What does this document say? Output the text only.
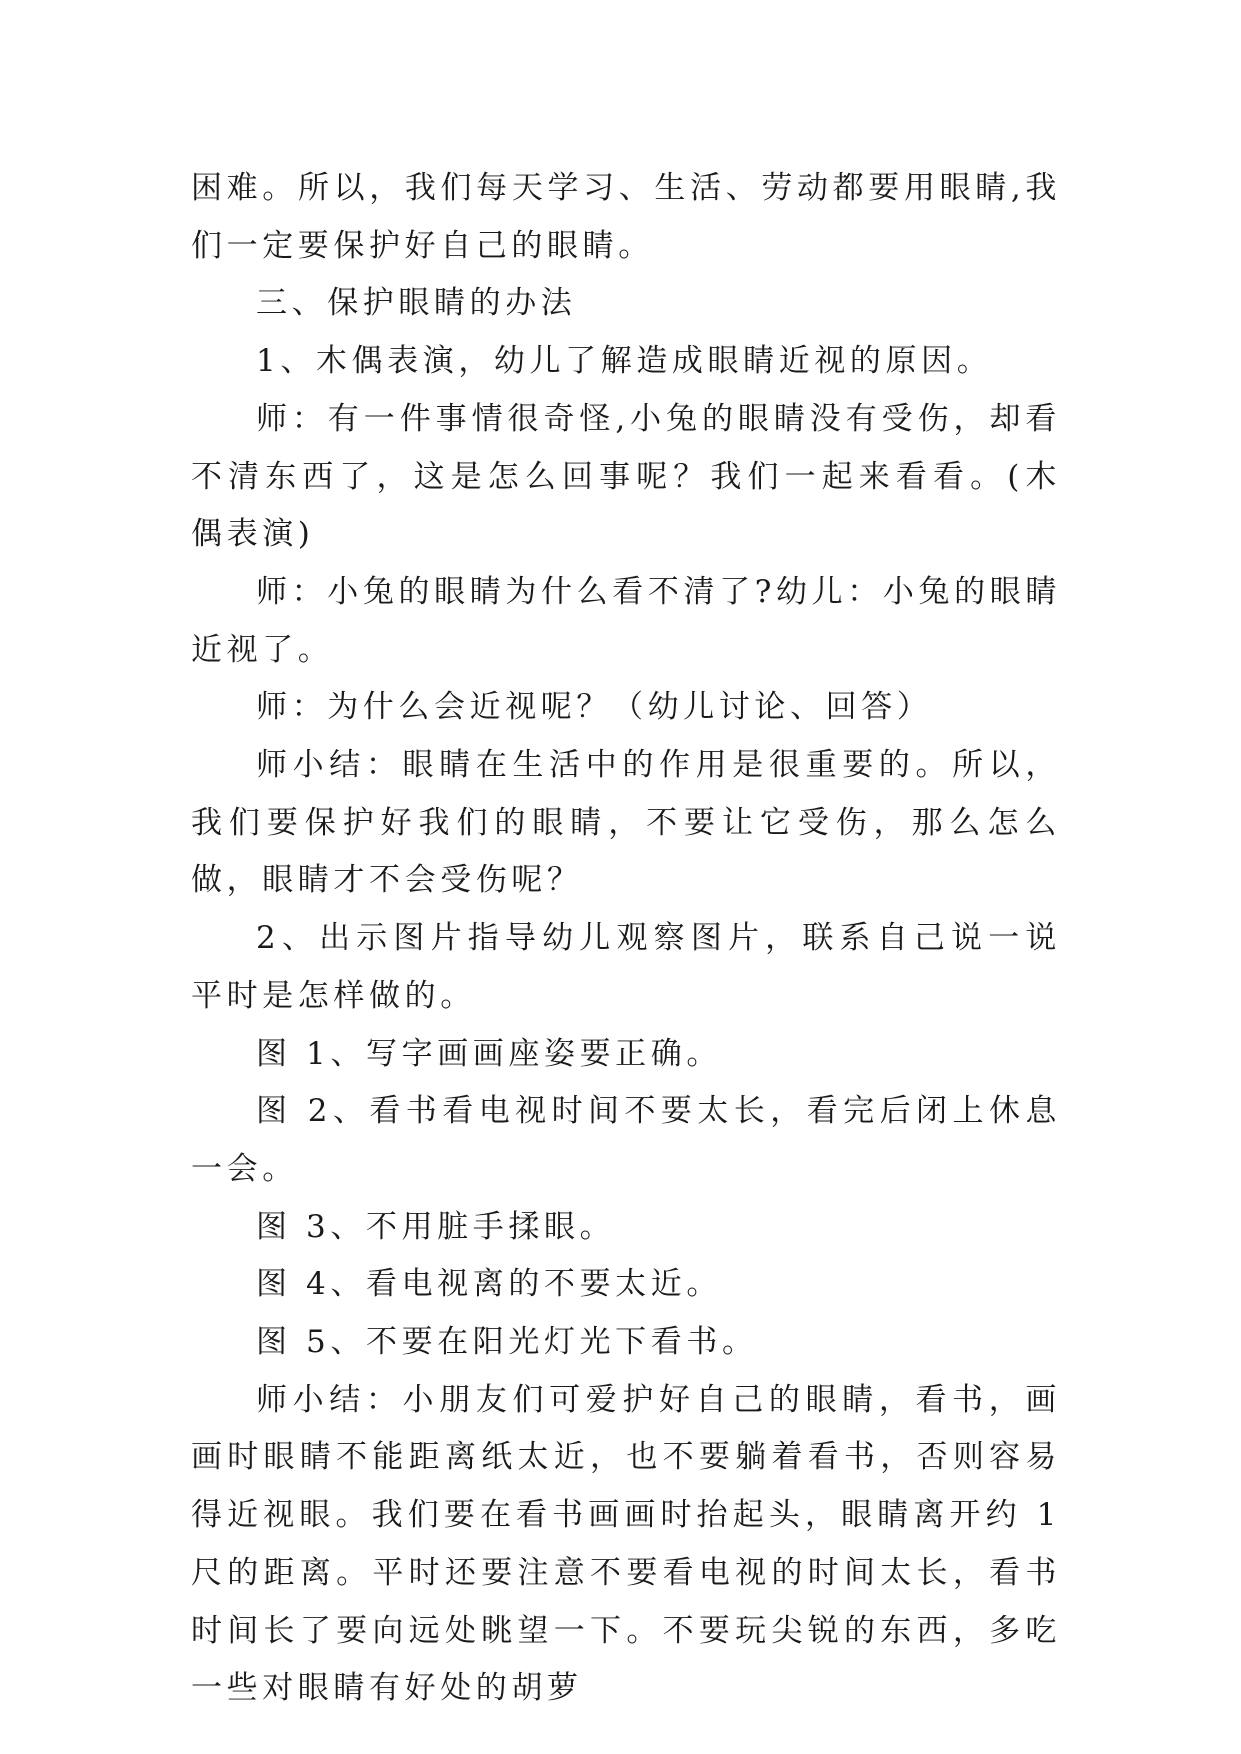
困难。所以，我们每天学习、生活、劳动都要用眼睛,我们一定要保护好自己的眼睛。

三、保护眼睛的办法

1、木偶表演，幼儿了解造成眼睛近视的原因。

师：有一件事情很奇怪,小兔的眼睛没有受伤，却看不清东西了，这是怎么回事呢？我们一起来看看。(木偶表演)

师：小兔的眼睛为什么看不清了?幼儿：小兔的眼睛近视了。

师：为什么会近视呢？（幼儿讨论、回答）

师小结：眼睛在生活中的作用是很重要的。所以，我们要保护好我们的眼睛，不要让它受伤，那么怎么做，眼睛才不会受伤呢？

2、出示图片指导幼儿观察图片，联系自己说一说平时是怎样做的。

图 1、写字画画座姿要正确。

图 2、看书看电视时间不要太长，看完后闭上休息一会。

图 3、不用脏手揉眼。

图 4、看电视离的不要太近。

图 5、不要在阳光灯光下看书。

师小结：小朋友们可爱护好自己的眼睛，看书，画画时眼睛不能距离纸太近，也不要躺着看书，否则容易得近视眼。我们要在看书画画时抬起头，眼睛离开约 1 尺的距离。平时还要注意不要看电视的时间太长，看书时间长了要向远处眺望一下。不要玩尖锐的东西，多吃一些对眼睛有好处的胡萝
